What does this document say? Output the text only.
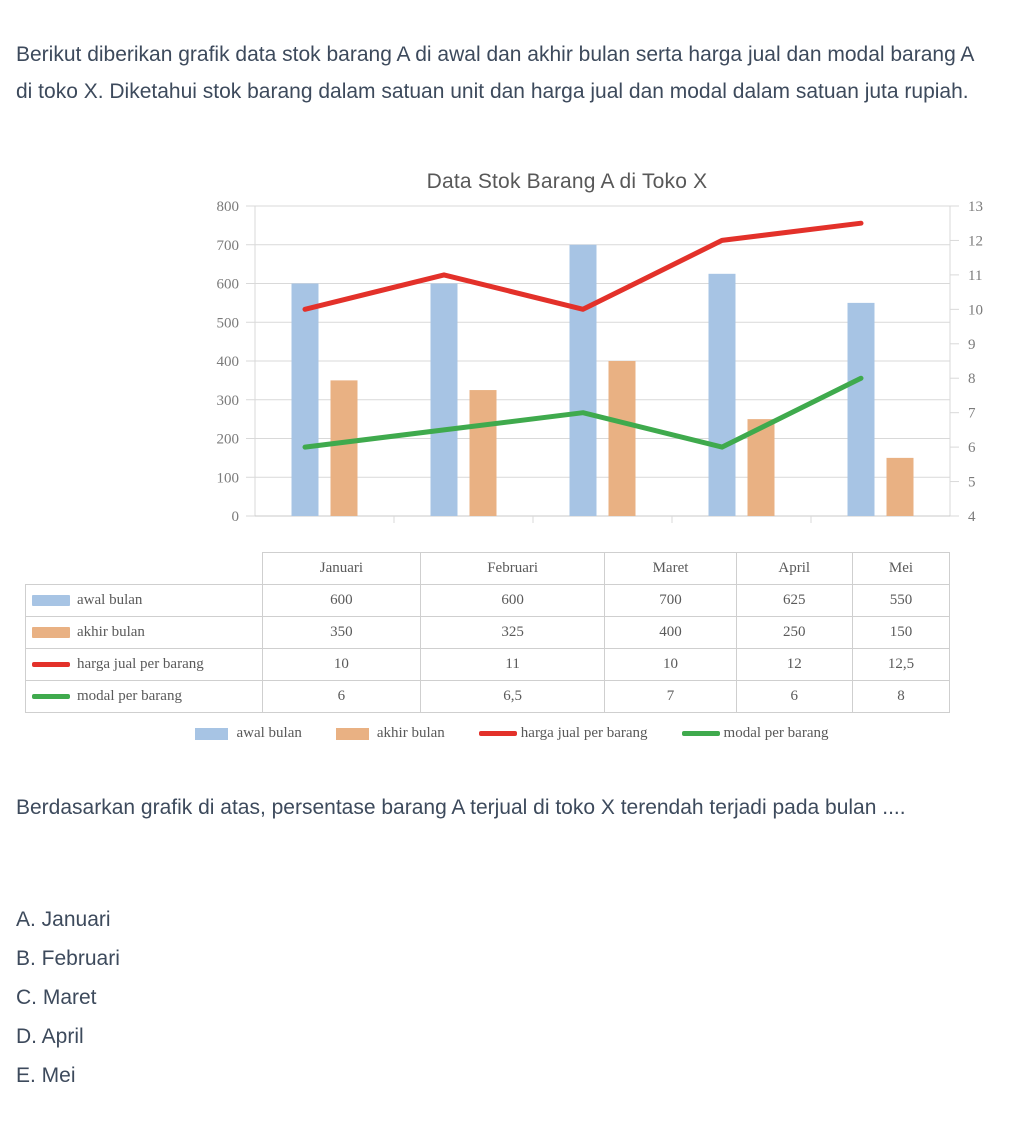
Berikut diberikan grafik data stok barang A di awal dan akhir bulan serta harga jual dan modal barang A di toko X. Diketahui stok barang dalam satuan unit dan harga jual dan modal dalam satuan juta rupiah.
Data Stok Barang A di Toko X
0
100
200
300
400
500
600
700
800
4
5
6
7
8
9
10
11
12
13
	Januari	Februari	Maret	April	Mei
awal bulan	600	600	700	625	550
akhir bulan	350	325	400	250	150
harga jual per barang	10	11	10	12	12,5
modal per barang	6	6,5	7	6	8
awal bulan	akhir bulan	harga jual per barang	modal per barang
Berdasarkan grafik di atas, persentase barang A terjual di toko X terendah terjadi pada bulan ....
A. Januari
B. Februari
C. Maret
D. April
E. Mei
